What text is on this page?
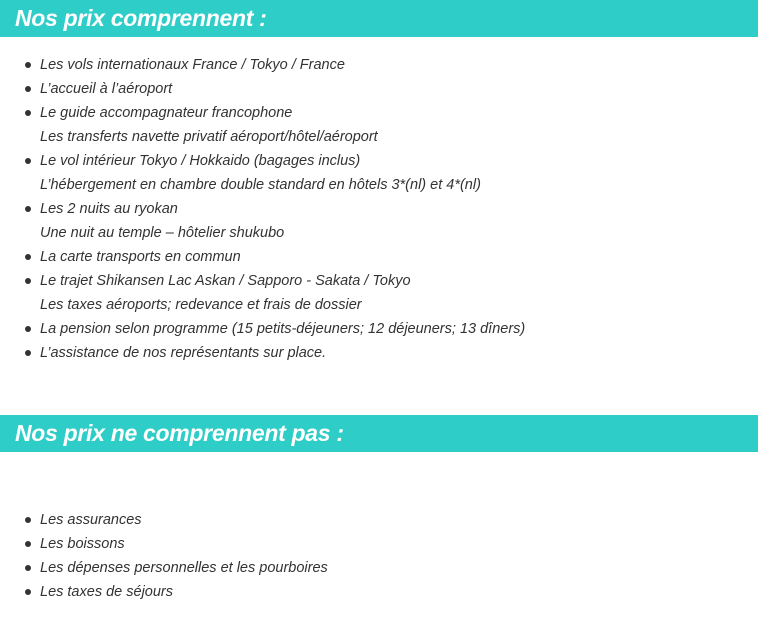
Nos prix comprennent :
Les vols internationaux France / Tokyo / France
L’accueil à l’aéroport
Le guide accompagnateur francophone
Les transferts navette privatif aéroport/hôtel/aéroport
Le vol intérieur Tokyo / Hokkaido (bagages inclus)
L’hébergement en chambre double standard en hôtels 3*(nl) et 4*(nl)
Les 2 nuits au ryokan
Une nuit au temple – hôtelier shukubo
La carte transports en commun
Le trajet Shikansen Lac Askan / Sapporo - Sakata / Tokyo
Les taxes aéroports; redevance et frais de dossier
La pension selon programme (15 petits-déjeuners; 12 déjeuners; 13 dîners)
L’assistance de nos représentants sur place.
Nos prix ne comprennent pas :
Les assurances
Les boissons
Les dépenses personnelles et les pourboires
Les taxes de séjours
